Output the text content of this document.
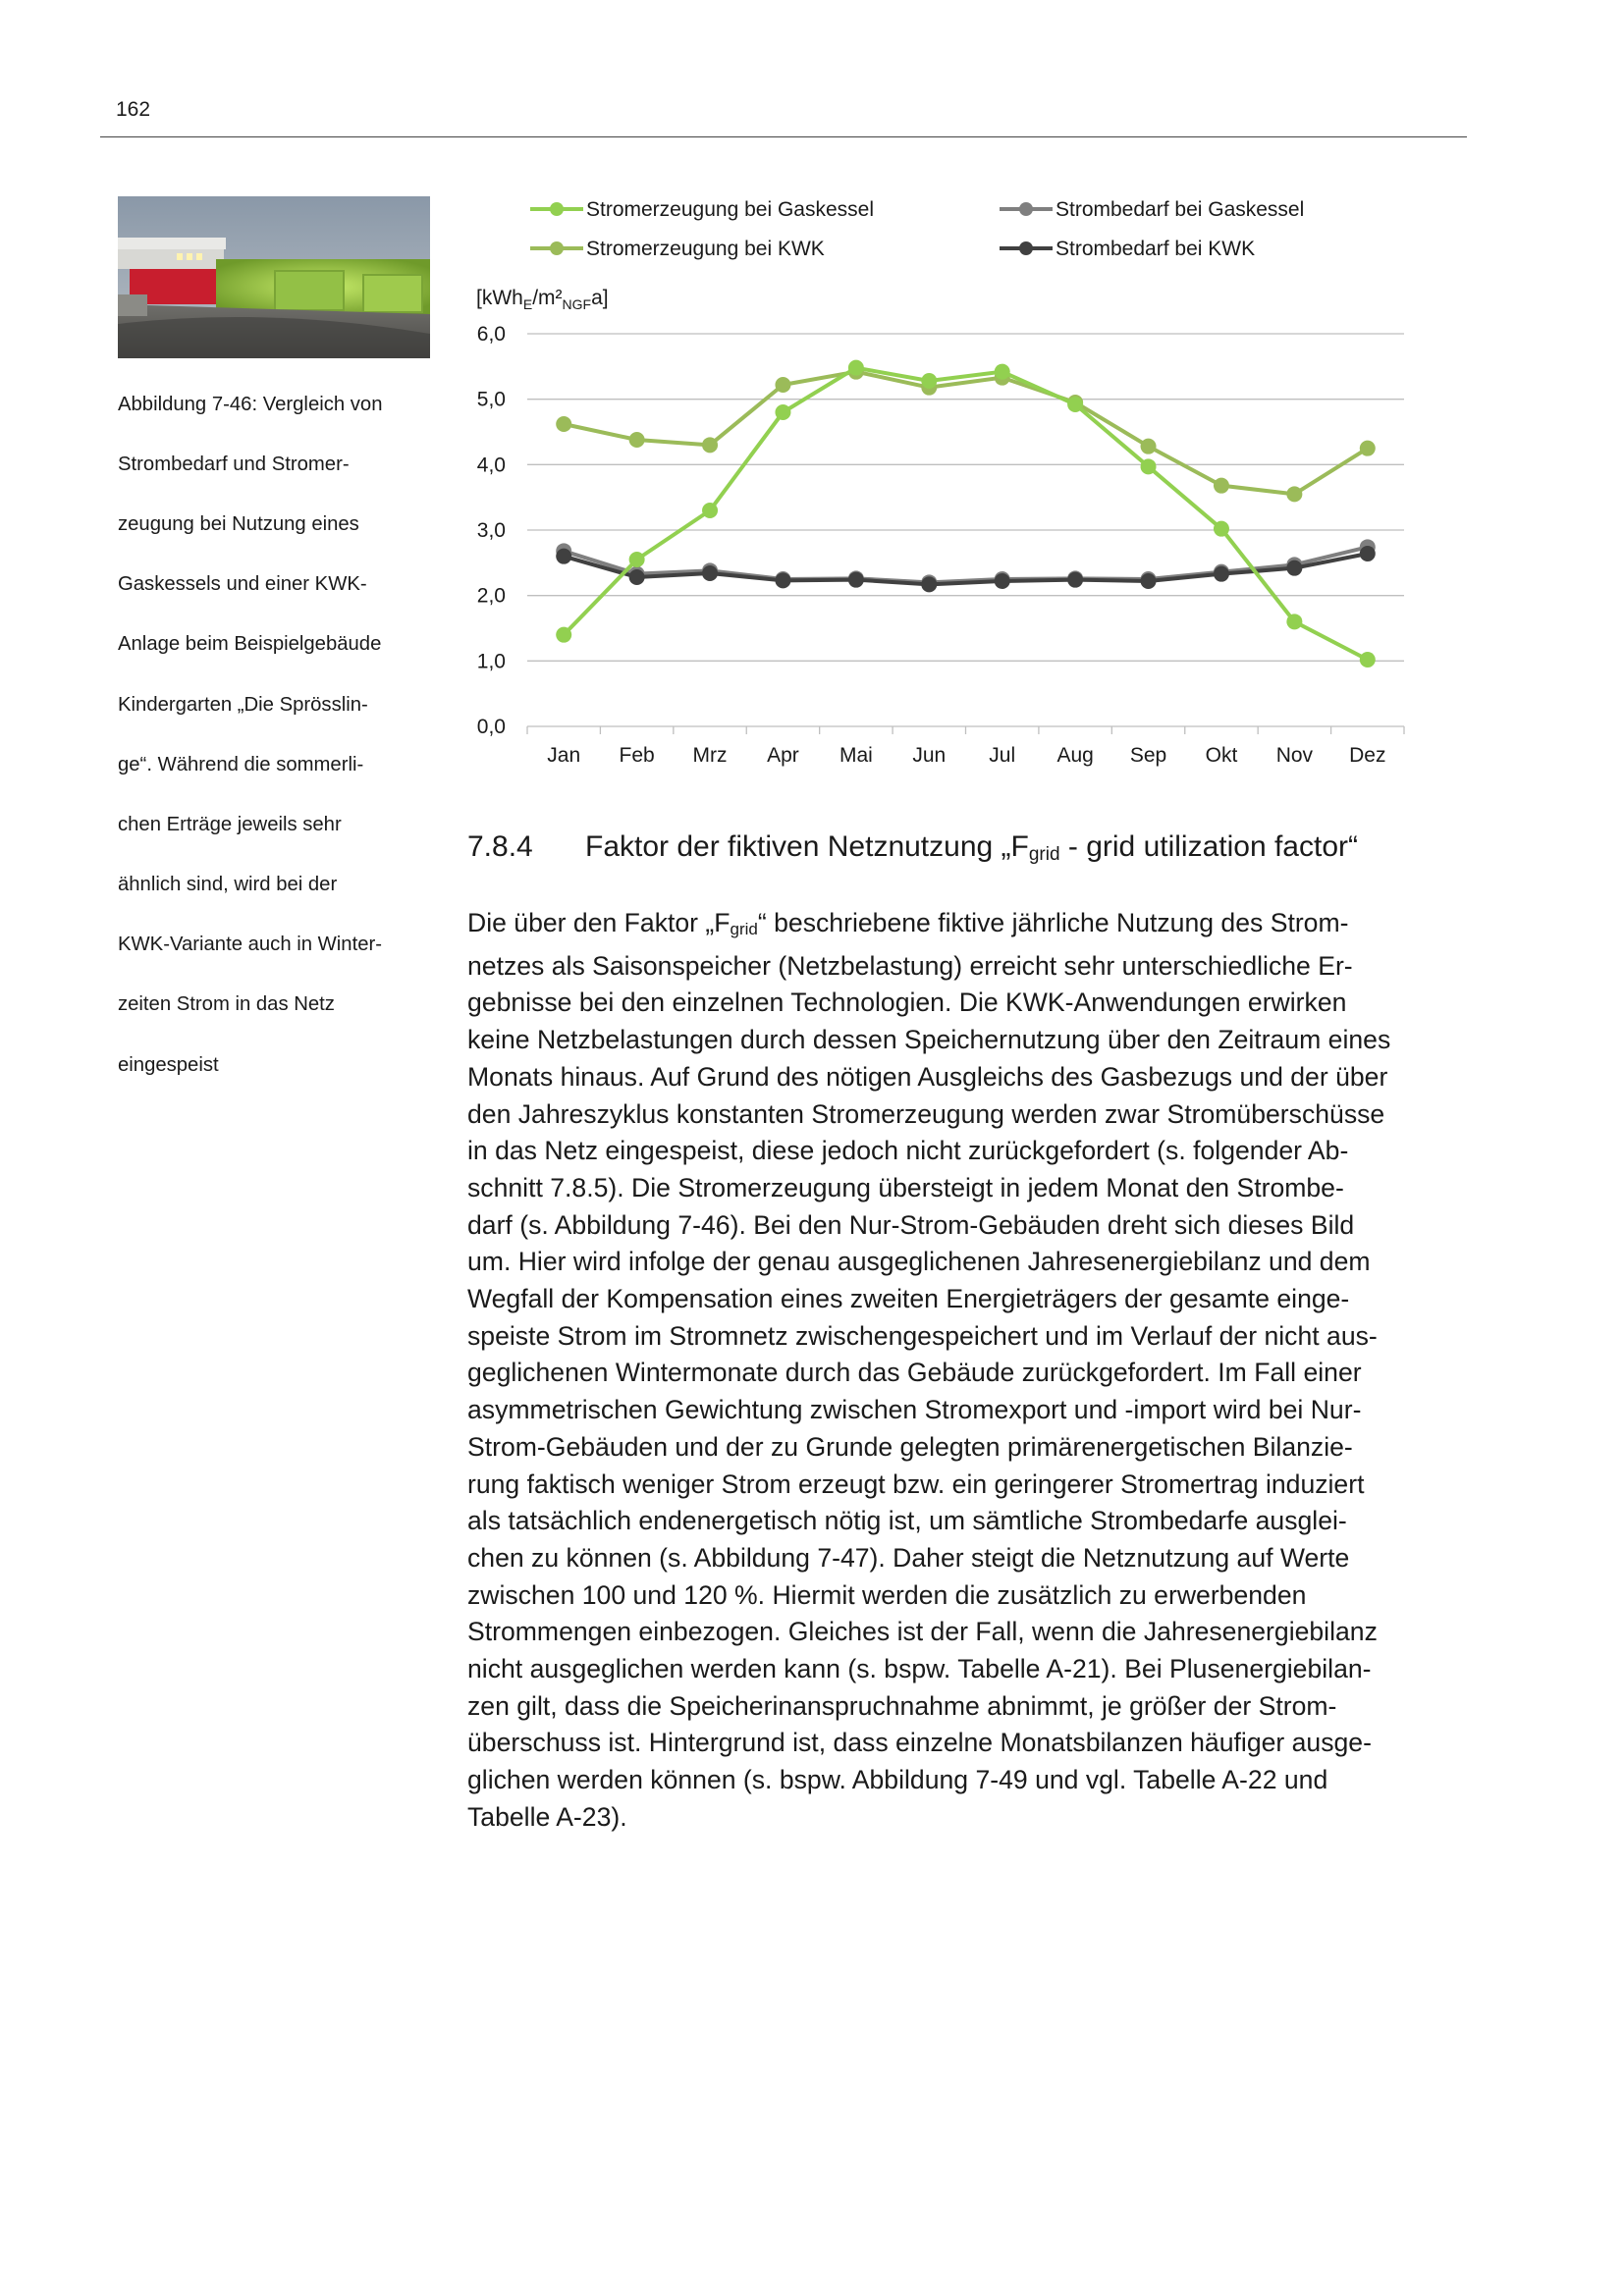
162

Abbildung 7-46: Vergleich von

Strombedarf und Stromer-

zeugung bei Nutzung eines

Gaskessels und einer KWK-

Anlage beim Beispielgebäude

Kindergarten „Die Sprösslin-

ge“. Während die sommerli-

chen Erträge jeweils sehr

ähnlich sind, wird bei der

KWK-Variante auch in Winter-

zeiten Strom in das Netz

eingespeist

Stromerzeugung bei Gaskessel
Stromerzeugung bei KWK
Strombedarf bei Gaskessel
Strombedarf bei KWK
$[kWh_E/m^2_{NGF}a]$
0,0
1,0
2,0
3,0
4,0
5,0
6,0
Jan Feb Mrz Apr Mai Jun Jul Aug Sep Okt Nov Dez
7.8.4 Faktor der fiktiven Netznutzung $„F_{grid}$ - grid utilization factor“
Die über den Faktor $„F_{grid}“$ beschriebene fiktive jährliche Nutzung des Strom-
netzes als Saisonspeicher (Netzbelastung) erreicht sehr unterschiedliche Er-
gebnisse bei den einzelnen Technologien. Die KWK-Anwendungen erwirken
keine Netzbelastungen durch dessen Speichernutzung über den Zeitraum eines
Monats hinaus. Auf Grund des nötigen Ausgleichs des Gasbezugs und der über
den Jahreszyklus konstanten Stromerzeugung werden zwar Stromüberschüsse
in das Netz eingespeist, diese jedoch nicht zurückgefordert (s. folgender Ab-
schnitt 7.8.5). Die Stromerzeugung übersteigt in jedem Monat den Strombe-
darf (s. Abbildung 7-46). Bei den Nur-Strom-Gebäuden dreht sich dieses Bild
um. Hier wird infolge der genau ausgeglichenen Jahresenergiebilanz und dem
Wegfall der Kompensation eines zweiten Energieträgers der gesamte einge-
speiste Strom im Stromnetz zwischengespeichert und im Verlauf der nicht aus-
geglichenen Wintermonate durch das Gebäude zurückgefordert. Im Fall einer
asymmetrischen Gewichtung zwischen Stromexport und -import wird bei Nur-
Strom-Gebäuden und der zu Grunde gelegten primärenergetischen Bilanzie-
rung faktisch weniger Strom erzeugt bzw. ein geringerer Stromertrag induziert
als tatsächlich endenergetisch nötig ist, um sämtliche Strombedarfe ausglei-
chen zu können (s. Abbildung 7-47). Daher steigt die Netznutzung auf Werte
zwischen 100 und 120 %. Hiermit werden die zusätzlich zu erwerbenden
Strommengen einbezogen. Gleiches ist der Fall, wenn die Jahresenergiebilanz
nicht ausgeglichen werden kann (s. bspw. Tabelle A-21). Bei Plusenergiebilan-
zen gilt, dass die Speicherinanspruchnahme abnimmt, je größer der Strom-
überschuss ist. Hintergrund ist, dass einzelne Monatsbilanzen häufiger ausge-
glichen werden können (s. bspw. Abbildung 7-49 und vgl. Tabelle A-22 und
Tabelle A-23).
